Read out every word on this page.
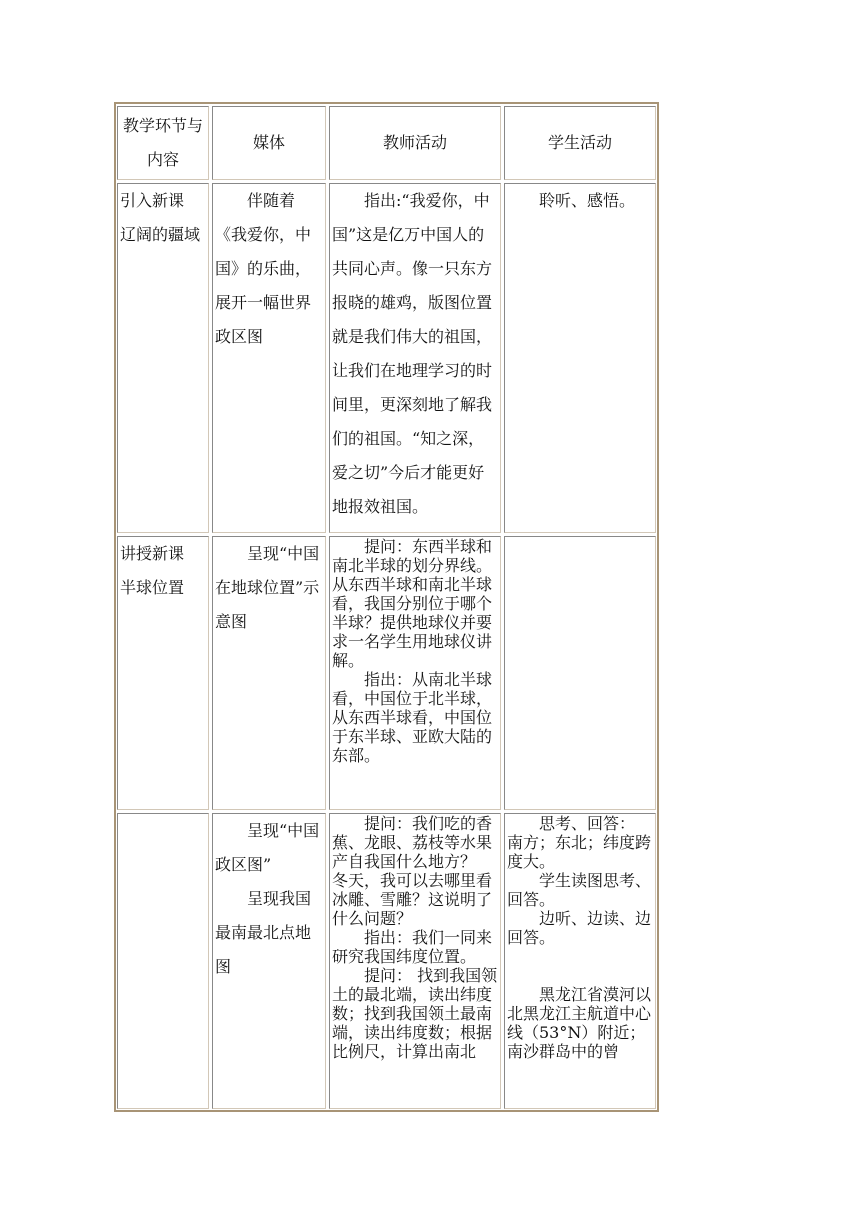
教学环节与内容
媒体	教师活动	学生活动

引入新课

辽阔的疆域

伴随着《我爱你，中国》的乐曲，展开一幅世界政区图

指出:“我爱你，中国”这是亿万中国人的共同心声。像一只东方报晓的雄鸡，版图位置就是我们伟大的祖国，让我们在地理学习的时间里，更深刻地了解我们的祖国。“知之深，爱之切”今后才能更好地报效祖国。

聆听、感悟。

讲授新课

半球位置

呈现“中国在地球位置”示意图

提问：东西半球和南北半球的划分界线。从东西半球和南北半球看，我国分别位于哪个半球？提供地球仪并要求一名学生用地球仪讲解。

指出：从南北半球看，中国位于北半球，从东西半球看，中国位于东半球、亚欧大陆的东部。

呈现“中国政区图”

呈现我国最南最北点地图

提问：我们吃的香蕉、龙眼、荔枝等水果产自我国什么地方？

冬天，我可以去哪里看冰雕、雪雕？这说明了什么问题？

指出：我们一同来研究我国纬度位置。

提问： 找到我国领土的最北端，读出纬度数；找到我国领土最南端，读出纬度数；根据比例尺，计算出南北

思考、回答： 南方；东北；纬度跨度大。

学生读图思考、回答。

边听、边读、边回答。

黑龙江省漠河以北黑龙江主航道中心线（53°N）附近；南沙群岛中的曾
